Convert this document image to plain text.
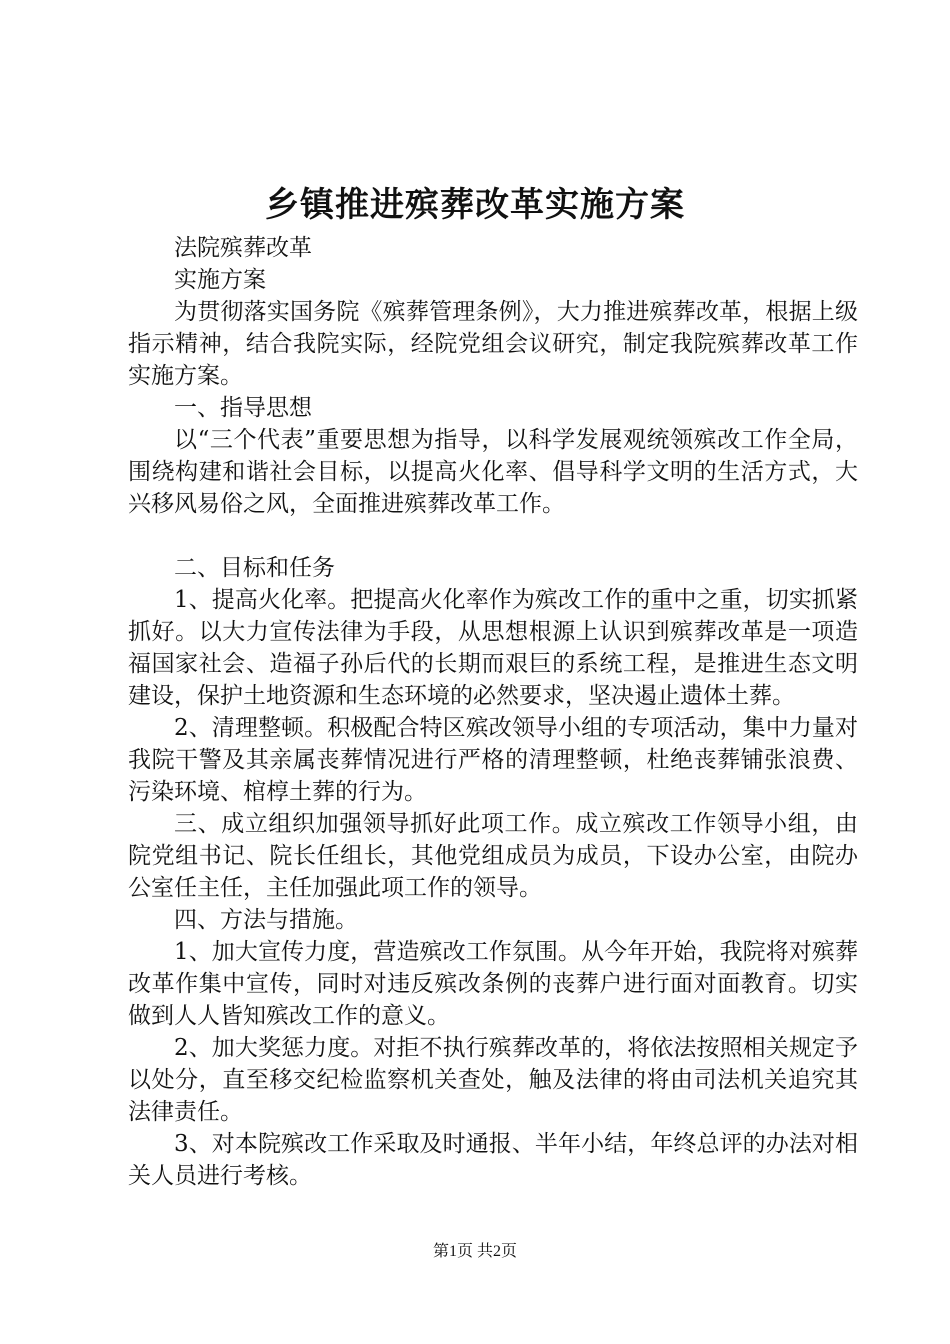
乡镇推进殡葬改革实施方案

法院殡葬改革

实施方案

为贯彻落实国务院《殡葬管理条例》，大力推进殡葬改革，根据上级指示精神，结合我院实际，经院党组会议研究，制定我院殡葬改革工作实施方案。

一、指导思想

以“三个代表”重要思想为指导，以科学发展观统领殡改工作全局，围绕构建和谐社会目标，以提高火化率、倡导科学文明的生活方式，大兴移风易俗之风，全面推进殡葬改革工作。

二、目标和任务

1、提高火化率。把提高火化率作为殡改工作的重中之重，切实抓紧抓好。以大力宣传法律为手段，从思想根源上认识到殡葬改革是一项造福国家社会、造福子孙后代的长期而艰巨的系统工程，是推进生态文明建设，保护土地资源和生态环境的必然要求，坚决遏止遗体土葬。

2、清理整顿。积极配合特区殡改领导小组的专项活动，集中力量对我院干警及其亲属丧葬情况进行严格的清理整顿，杜绝丧葬铺张浪费、污染环境、棺椁土葬的行为。

三、成立组织加强领导抓好此项工作。成立殡改工作领导小组，由院党组书记、院长任组长，其他党组成员为成员，下设办公室，由院办公室任主任，主任加强此项工作的领导。

四、方法与措施。

1、加大宣传力度，营造殡改工作氛围。从今年开始，我院将对殡葬改革作集中宣传，同时对违反殡改条例的丧葬户进行面对面教育。切实做到人人皆知殡改工作的意义。

2、加大奖惩力度。对拒不执行殡葬改革的，将依法按照相关规定予以处分，直至移交纪检监察机关查处，触及法律的将由司法机关追究其法律责任。

3、对本院殡改工作采取及时通报、半年小结，年终总评的办法对相关人员进行考核。

第1页 共2页
